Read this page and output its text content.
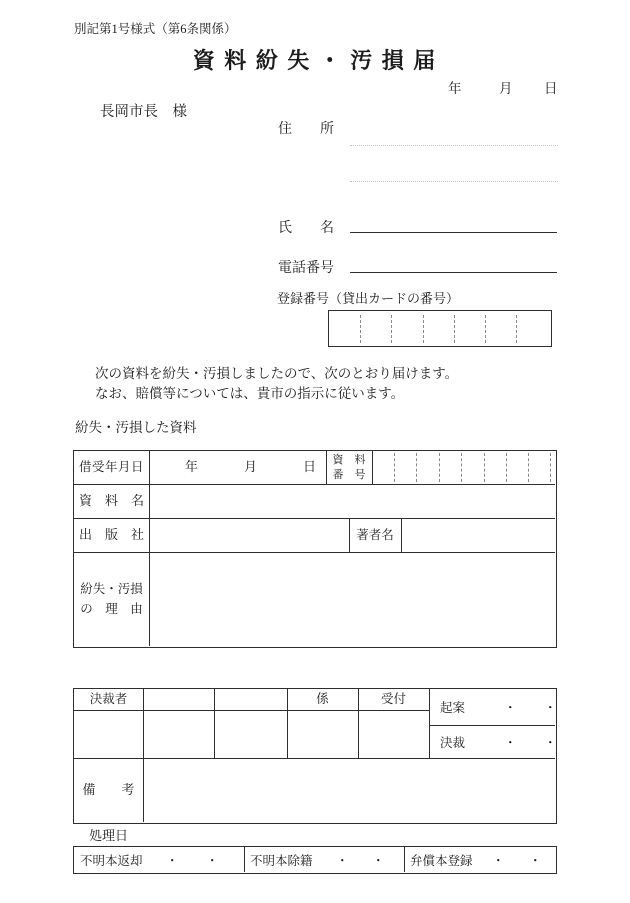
別記第1号様式（第6条関係）
資 料 紛 失 ・ 汚 損 届
年	月 日
長岡市長　様
住　　所
氏　　名
電話番号
登録番号（貸出カードの番号）
次の資料を紛失・汚損しましたので、次のとおり届けます。
なお、賠償等については、貴市の指示に従います。
紛失・汚損した資料
借受年月日	年	月	日 資　料
番　号
資　料　名
出　版　社	著者名
紛失・汚損
の　理　由
決裁者	係	受付
起案	・ ・
決裁	・ ・
備　　考
処理日
不明本返却 ・ ・	不明本除籍 ・ ・ 弁償本登録 ・ ・
